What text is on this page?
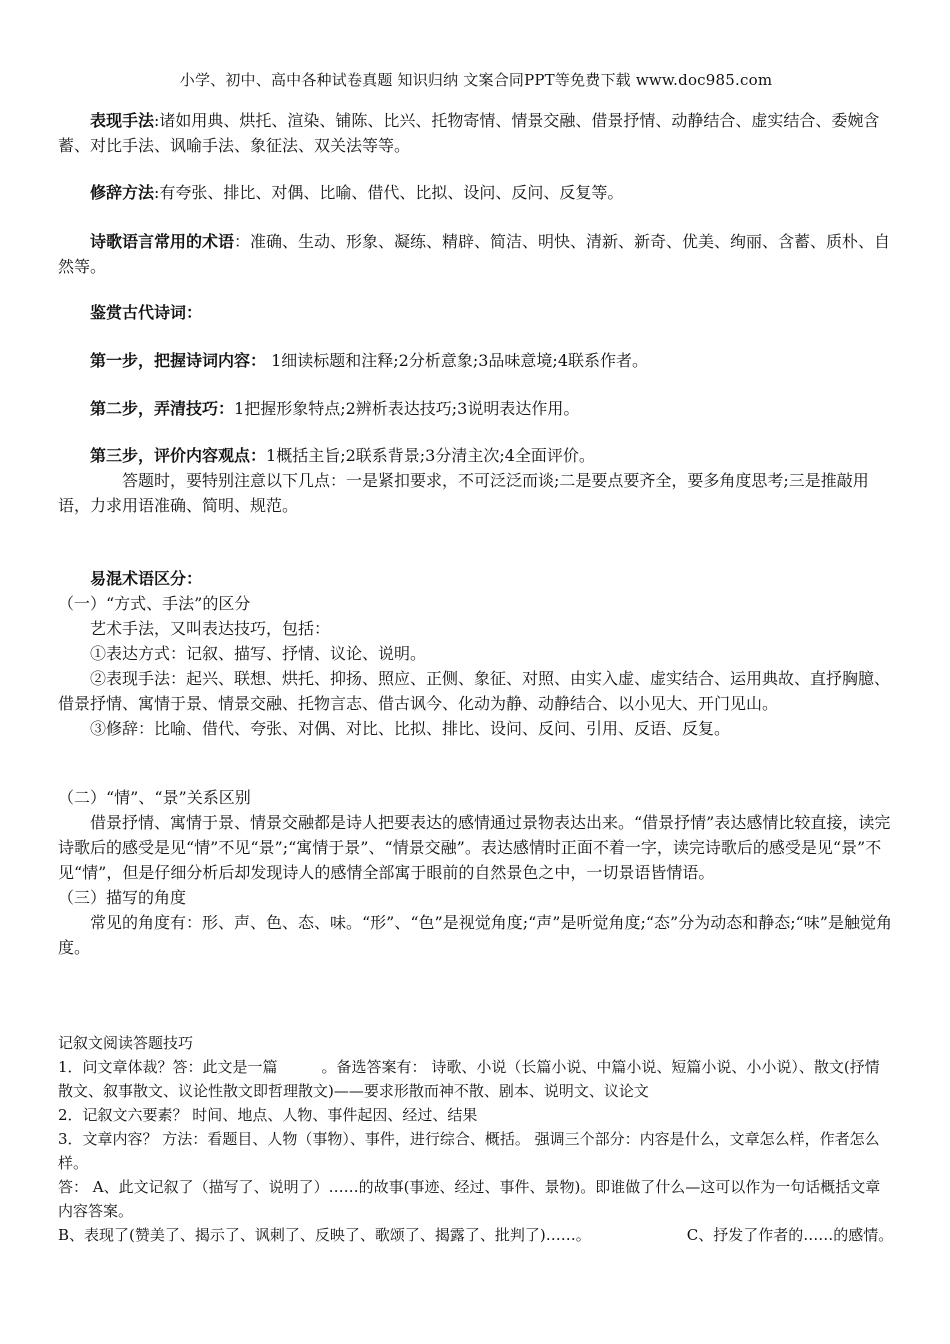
小学、初中、高中各种试卷真题 知识归纳 文案合同PPT等免费下载 www.doc985.com
表现手法:诸如用典、烘托、渲染、铺陈、比兴、托物寄情、情景交融、借景抒情、动静结合、虚实结合、委婉含蓄、对比手法、讽喻手法、象征法、双关法等等。
修辞方法:有夸张、排比、对偶、比喻、借代、比拟、设问、反问、反复等。
诗歌语言常用的术语：准确、生动、形象、凝练、精辟、简洁、明快、清新、新奇、优美、绚丽、含蓄、质朴、自然等。
鉴赏古代诗词：
第一步，把握诗词内容： 1细读标题和注释;2分析意象;3品味意境;4联系作者。
第二步，弄清技巧：1把握形象特点;2辨析表达技巧;3说明表达作用。
第三步，评价内容观点：1概括主旨;2联系背景;3分清主次;4全面评价。
答题时，要特别注意以下几点：一是紧扣要求，不可泛泛而谈;二是要点要齐全，要多角度思考;三是推敲用语，力求用语准确、简明、规范。
易混术语区分：

（一）“方式、手法”的区分

艺术手法，又叫表达技巧，包括：

①表达方式：记叙、描写、抒情、议论、说明。

②表现手法：起兴、联想、烘托、抑扬、照应、正侧、象征、对照、由实入虚、虚实结合、运用典故、直抒胸臆、借景抒情、寓情于景、情景交融、托物言志、借古讽今、化动为静、动静结合、以小见大、开门见山。

③修辞：比喻、借代、夸张、对偶、对比、比拟、排比、设问、反问、引用、反语、反复。

（二）“情”、“景”关系区别

借景抒情、寓情于景、情景交融都是诗人把要表达的感情通过景物表达出来。“借景抒情”表达感情比较直接，读完诗歌后的感受是见“情”不见“景”;“寓情于景”、“情景交融”。表达感情时正面不着一字，读完诗歌后的感受是见“景”不见“情”，但是仔细分析后却发现诗人的感情全部寓于眼前的自然景色之中，一切景语皆情语。

（三）描写的角度

常见的角度有：形、声、色、态、味。“形”、“色”是视觉角度;“声”是听觉角度;“态”分为动态和静态;“味”是触觉角度。

记叙文阅读答题技巧

1．问文章体裁？答：此文是一篇	。备选答案有： 诗歌、小说（长篇小说、中篇小说、短篇小说、小小说）、散文(抒情散文、叙事散文、议论性散文即哲理散文)——要求形散而神不散、剧本、说明文、议论文

2．记叙文六要素？ 时间、地点、人物、事件起因、经过、结果

3．文章内容？ 方法：看题目、人物（事物）、事件，进行综合、概括。 强调三个部分：内容是什么，文章怎么样，作者怎么样。

答： A、此文记叙了（描写了、说明了）……的故事(事迹、经过、事件、景物)。即谁做了什么—这可以作为一句话概括文章内容答案。

B、表现了(赞美了、揭示了、讽刺了、反映了、歌颂了、揭露了、批判了)……。	C、抒发了作者的……的感情。
